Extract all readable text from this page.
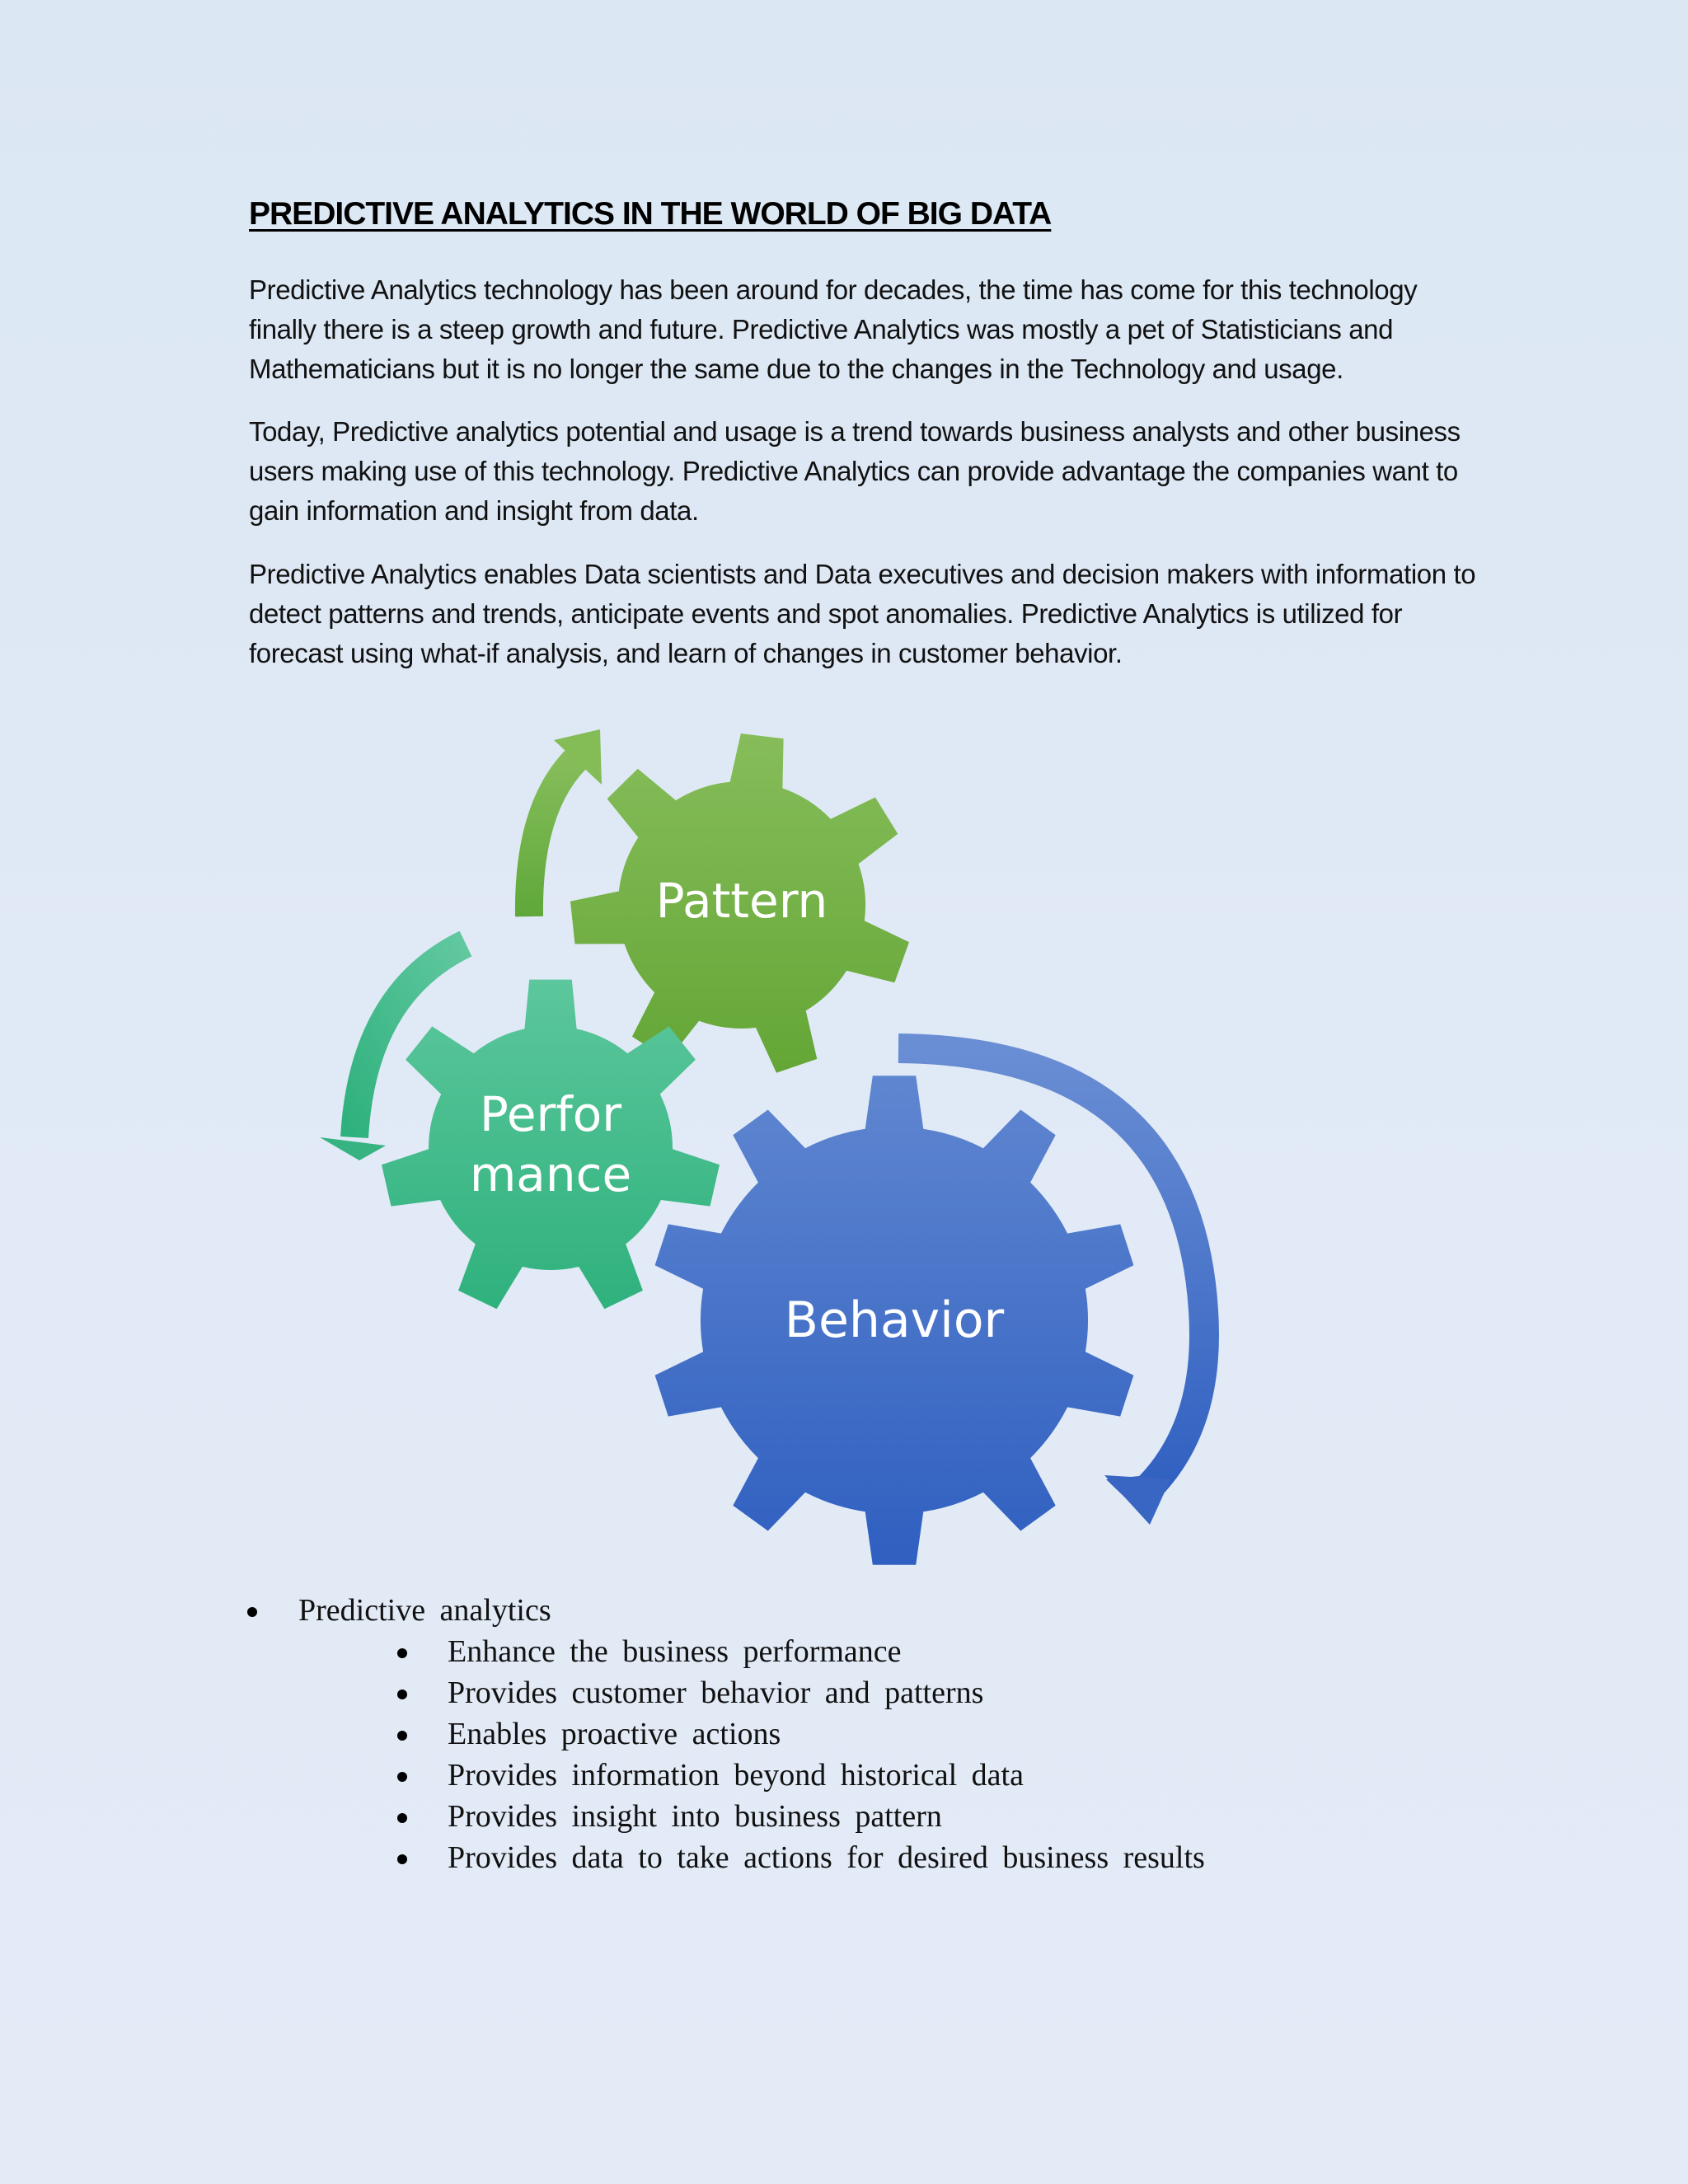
PREDICTIVE ANALYTICS IN THE WORLD OF BIG DATA

Predictive Analytics technology has been around for decades, the time has come for this technology finally there is a steep growth and future. Predictive Analytics was mostly a pet of Statisticians and Mathematicians but it is no longer the same due to the changes in the Technology and usage.

Today, Predictive analytics potential and usage is a trend towards business analysts and other business users making use of this technology. Predictive Analytics can provide advantage the companies want to gain information and insight from data.

Predictive Analytics enables Data scientists and Data executives and decision makers with information to detect patterns and trends, anticipate events and spot anomalies. Predictive Analytics is utilized for forecast using what-if analysis, and learn of changes in customer behavior.

Pattern
Perfor
mance
Behavior
Predictive analytics
Enhance the business performance
Provides customer behavior and patterns
Enables proactive actions
Provides information beyond historical data
Provides insight into business pattern
Provides data to take actions for desired business results
